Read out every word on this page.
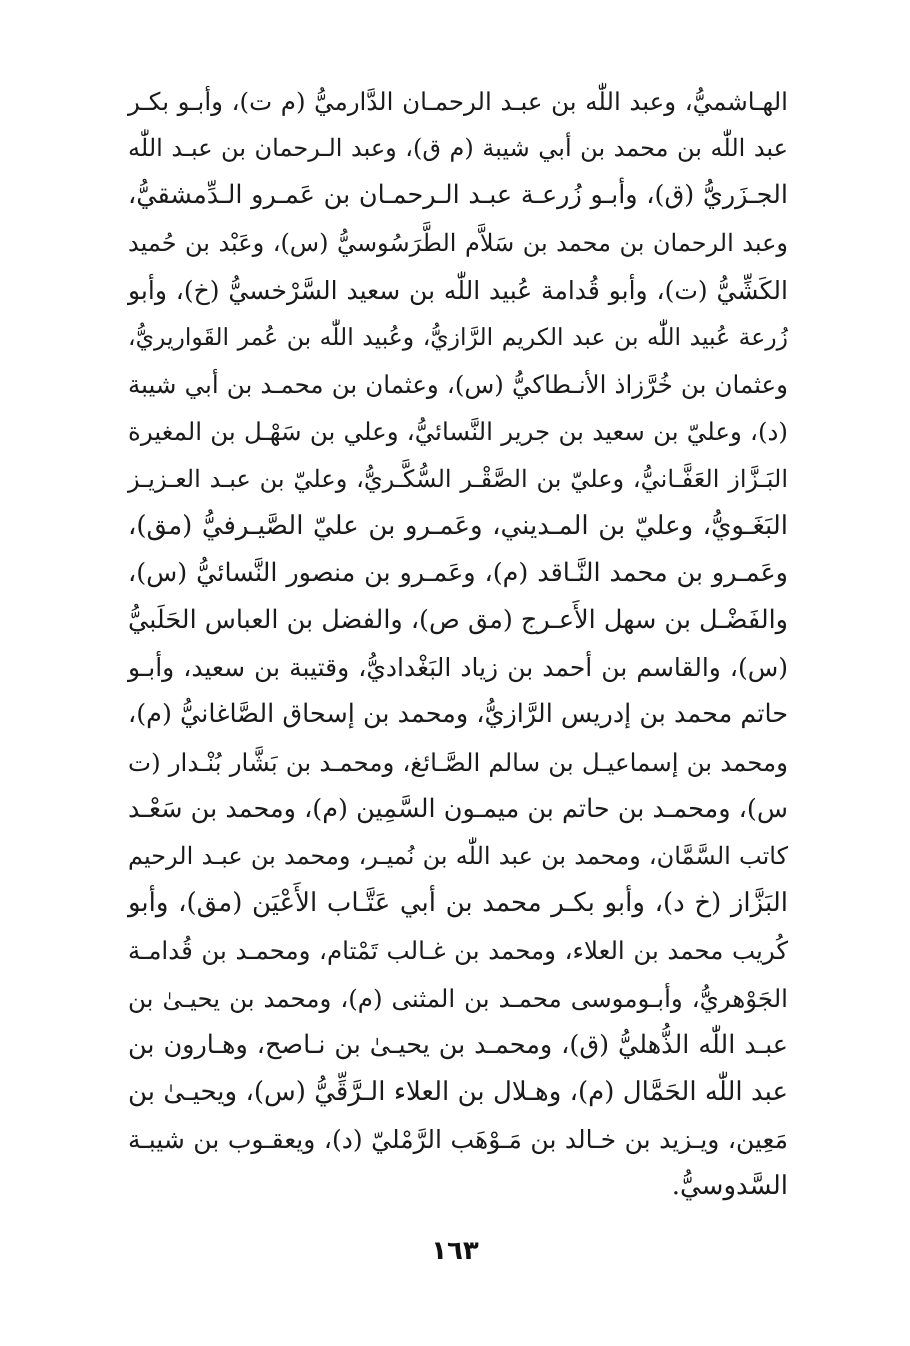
الهـاشميُّ، وعبد اللّٰه بن عبـد الرحمـان الدَّارميُّ (م ت)، وأبـو بكـر
عبد اللّٰه بن محمد بن أبي شيبة (م ق)، وعبد الـرحمان بن عبـد اللّٰه
الجـزَريُّ (ق)، وأبـو زُرعـة عبـد الـرحمـان بن عَمـرو الـدِّمشقيُّ،
وعبد الرحمان بن محمد بن سَلاَّم الطَّرَسُوسيُّ (س)، وعَبْد بن حُميد
الكَشِّيُّ (ت)، وأبو قُدامة عُبيد اللّٰه بن سعيد السَّرْخسيُّ (خ)، وأبو
زُرعة عُبيد اللّٰه بن عبد الكريم الرَّازيُّ، وعُبيد اللّٰه بن عُمر القَواريريُّ،
وعثمان بن خُرَّزاذ الأنـطاكيُّ (س)، وعثمان بن محمـد بن أبي شيبة
(د)، وعليّ بن سعيد بن جرير النَّسائيُّ، وعلي بن سَهْـل بن المغيرة
البَـزَّاز العَفَّـانيُّ، وعليّ بن الصَّقْـر السُّكَّـريُّ، وعليّ بن عبـد العـزيـز
البَغَـويُّ، وعليّ بن المـديني، وعَمـرو بن عليّ الصَّيـرفيُّ (مق)،
وعَمـرو بن محمد النَّـاقد (م)، وعَمـرو بن منصور النَّسائيُّ (س)،
والفَضْـل بن سهل الأَعـرج (مق ص)، والفضل بن العباس الحَلَبيُّ
(س)، والقاسم بن أحمد بن زياد البَغْداديُّ، وقتيبة بن سعيد، وأبـو
حاتم محمد بن إدريس الرَّازيُّ، ومحمد بن إسحاق الصَّاغانيُّ (م)،
ومحمد بن إسماعيـل بن سالم الصَّـائغ، ومحمـد بن بَشَّار بُنْـدار (ت
س)، ومحمـد بن حاتم بن ميمـون السَّمِين (م)، ومحمد بن سَعْـد
كاتب السَّمَّان، ومحمد بن عبد اللّٰه بن نُميـر، ومحمد بن عبـد الرحيم
البَزَّاز (خ د)، وأبو بكـر محمد بن أبي عَتَّـاب الأَعْيَن (مق)، وأبو
كُريب محمد بن العلاء، ومحمد بن غـالب تَمْتام، ومحمـد بن قُدامـة
الجَوْهريُّ، وأبـوموسى محمـد بن المثنى (م)، ومحمد بن يحيـىٰ بن
عبـد اللّٰه الذُّهليُّ (ق)، ومحمـد بن يحيـىٰ بن نـاصح، وهـارون بن
عبد اللّٰه الحَمَّال (م)، وهـلال بن العلاء الـرَّقِّيُّ (س)، ويحيـىٰ بن
مَعِين، ويـزيد بن خـالد بن مَـوْهَب الرَّمْليّ (د)، ويعقـوب بن شيبـة
السَّدوسيُّ.
١٦٣
